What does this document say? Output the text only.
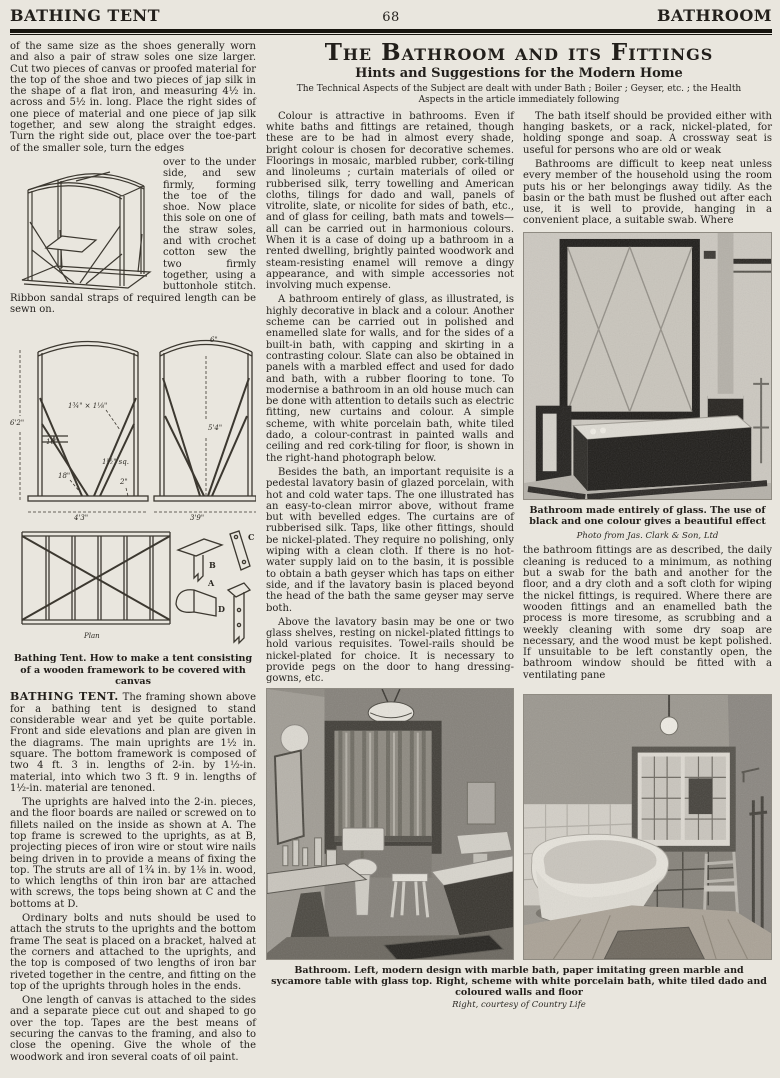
BATHING TENT	68	BATHROOM

of the same size as the shoes generally worn and also a pair of straw soles one size larger. Cut two pieces of canvas or proofed material for the top of the shoe and two pieces of jap silk in the shape of a flat iron, and measuring 4½ in. across and 5½ in. long. Place the right sides of one piece of material and one piece of jap silk together, and sew along the straight edges. Turn the right side out, place over the toe-part of the smaller sole, turn the edges

over to the under side, and sew firmly, forming the toe of the shoe. Now place this sole on one of the straw soles, and with crochet cotton sew the two firmly together, using a buttonhole stitch. Ribbon sandal straps of required length can be sewn on.

6'2"
4'3"
10"
18"
1¾" × 1⅛"
1½" sq.
2"
5'4"
3'9"
6"
Plan
B
C
A
D

Bathing Tent. How to make a tent consisting of a wooden framework to be covered with canvas

BATHING TENT. The framing shown above for a bathing tent is designed to stand considerable wear and yet be quite portable. Front and side elevations and plan are given in the diagrams. The main uprights are 1½ in. square. The bottom framework is composed of two 4 ft. 3 in. lengths of 2-in. by 1½-in. material, into which two 3 ft. 9 in. lengths of 1½-in. material are tenoned.

The uprights are halved into the 2-in. pieces, and the floor boards are nailed or screwed on to fillets nailed on the inside as shown at A. The top frame is screwed to the uprights, as at B, projecting pieces of iron wire or stout wire nails being driven in to provide a means of fixing the top. The struts are all of 1¾ in. by 1⅛ in. wood, to which lengths of thin iron bar are attached with screws, the tops being shown at C and the bottoms at D.

Ordinary bolts and nuts should be used to attach the struts to the uprights and the bottom frame The seat is placed on a bracket, halved at the corners and attached to the uprights, and the top is composed of two lengths of iron bar riveted together in the centre, and fitting on the top of the uprights through holes in the ends.

One length of canvas is attached to the sides and a separate piece cut out and shaped to go over the top. Tapes are the best means of securing the canvas to the framing, and also to close the opening. Give the whole of the woodwork and iron several coats of oil paint.

The Bathroom and its Fittings
Hints and Suggestions for the Modern Home

The Technical Aspects of the Subject are dealt with under Bath ; Boiler ; Geyser, etc. ; the Health Aspects in the article immediately following

Colour is attractive in bathrooms. Even if white baths and fittings are retained, though these are to be had in almost every shade, bright colour is chosen for decorative schemes. Floorings in mosaic, marbled rubber, cork-tiling and linoleums ; curtain materials of oiled or rubberised silk, terry towelling and American cloths, tilings for dado and wall, panels of vitrolite, slate, or nicolite for sides of bath, etc., and of glass for ceiling, bath mats and towels—all can be carried out in harmonious colours. When it is a case of doing up a bathroom in a rented dwelling, brightly painted woodwork and steam-resisting enamel will remove a dingy appearance, and with simple accessories not involving much expense.

A bathroom entirely of glass, as illustrated, is highly decorative in black and a colour. Another scheme can be carried out in polished and enamelled slate for walls, and for the sides of a built-in bath, with capping and skirting in a contrasting colour. Slate can also be obtained in panels with a marbled effect and used for dado and bath, with a rubber flooring to tone. To modernise a bathroom in an old house much can be done with attention to details such as electric fitting, new curtains and colour. A simple scheme, with white porcelain bath, white tiled dado, a colour-contrast in painted walls and ceiling and red cork-tiling for floor, is shown in the right-hand photograph below.

Besides the bath, an important requisite is a pedestal lavatory basin of glazed porcelain, with hot and cold water taps. The one illustrated has an easy-to-clean mirror above, without frame but with bevelled edges. The curtains are of rubberised silk. Taps, like other fittings, should be nickel-plated. They require no polishing, only wiping with a clean cloth. If there is no hot-water supply laid on to the basin, it is possible to obtain a bath geyser which has taps on either side, and if the lavatory basin is placed beyond the head of the bath the same geyser may serve both.

Above the lavatory basin may be one or two glass shelves, resting on nickel-plated fittings to hold various requisites. Towel-rails should be nickel-plated for choice. It is necessary to provide pegs on the door to hang dressing-gowns, etc.

The bath itself should be provided either with hanging baskets, or a rack, nickel-plated, for holding sponge and soap. A crossway seat is useful for persons who are old or weak

Bathrooms are difficult to keep neat unless every member of the household using the room puts his or her belongings away tidily. As the basin or the bath must be flushed out after each use, it is well to provide, hanging in a convenient place, a suitable swab. Where

Bathroom made entirely of glass. The use of black and one colour gives a beautiful effect

Photo from Jas. Clark & Son, Ltd

the bathroom fittings are as described, the daily cleaning is reduced to a minimum, as nothing but a swab for the bath and another for the floor, and a dry cloth and a soft cloth for wiping the nickel fittings, is required. Where there are wooden fittings and an enamelled bath the process is more tiresome, as scrubbing and a weekly cleaning with some dry soap are necessary, and the wood must be kept polished. If unsuitable to be left constantly open, the bathroom window should be fitted with a ventilating pane

Bathroom. Left, modern design with marble bath, paper imitating green marble and sycamore table with glass top. Right, scheme with white porcelain bath, white tiled dado and coloured walls and floor

Right, courtesy of Country Life
